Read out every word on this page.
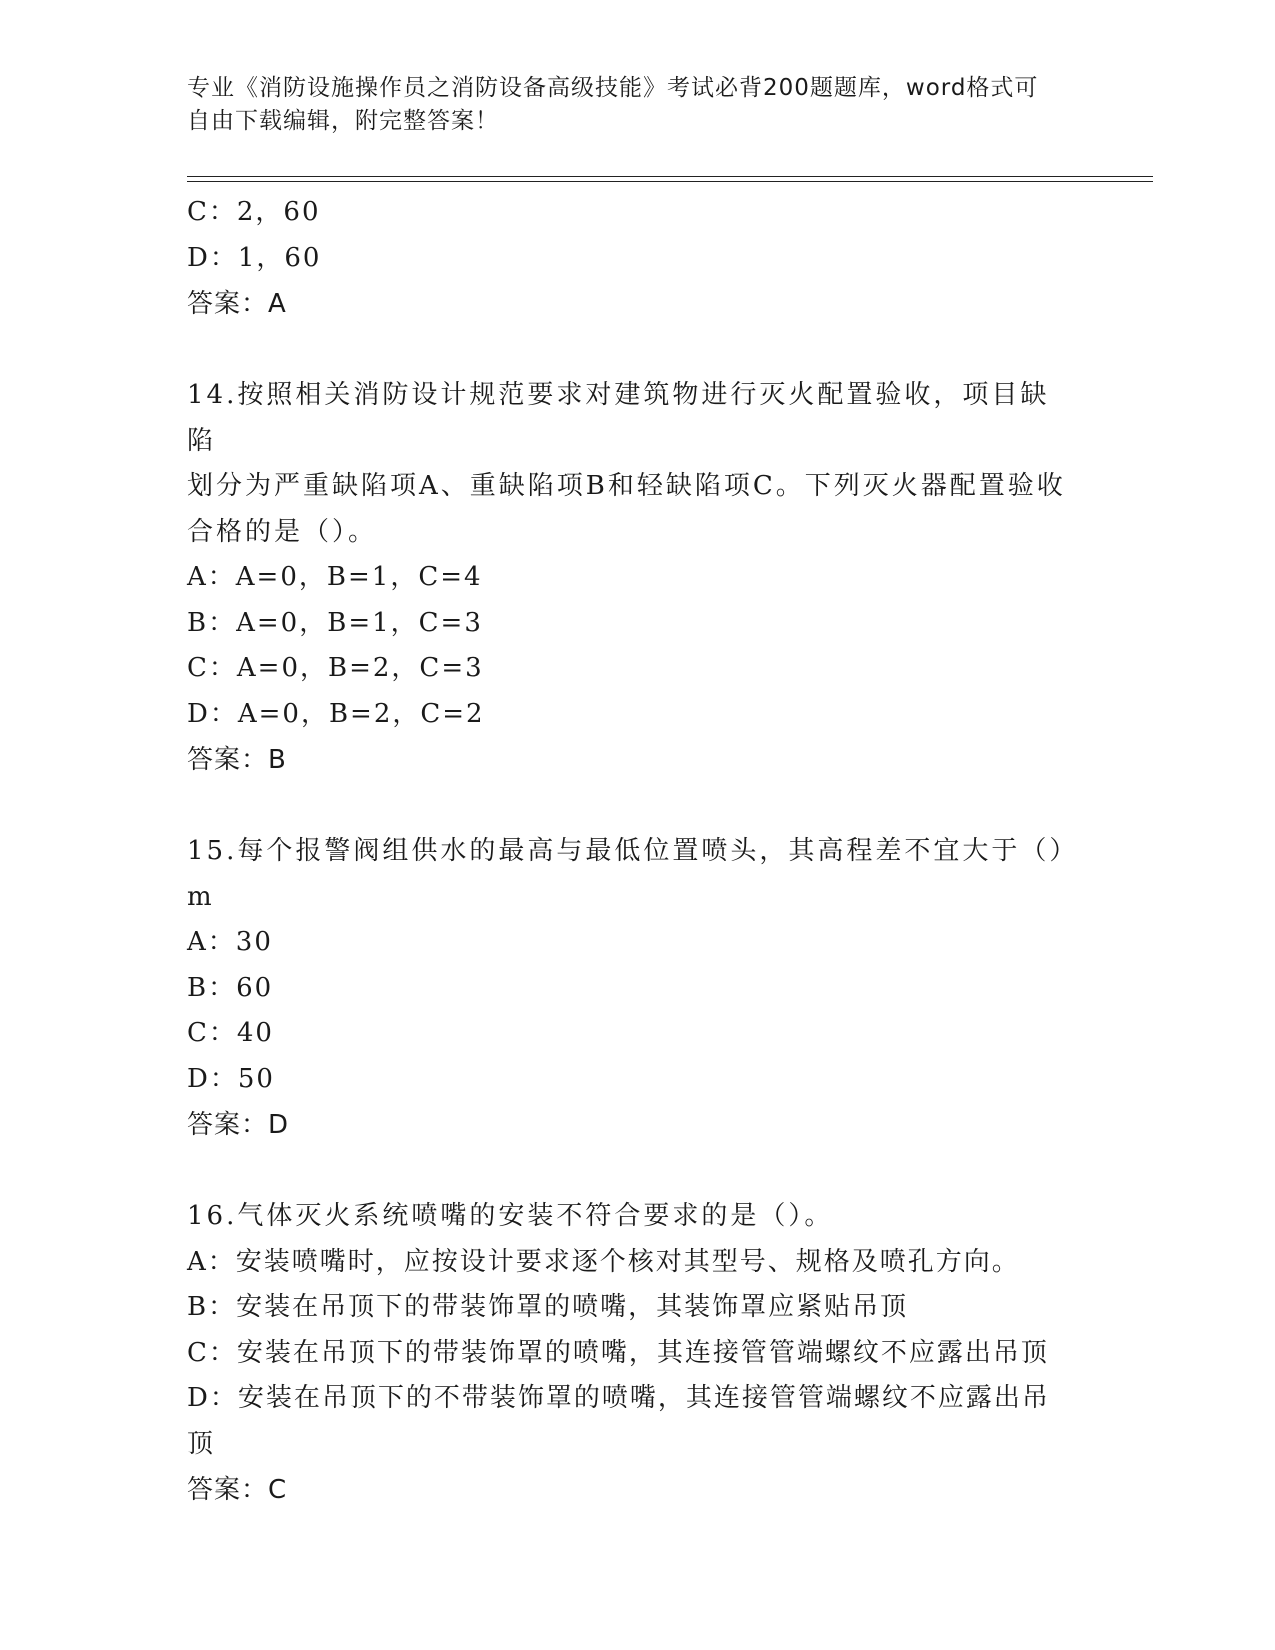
专业《消防设施操作员之消防设备高级技能》考试必背200题题库，word格式可
自由下载编辑，附完整答案！
C：2，60
D：1，60
答案：A
14.按照相关消防设计规范要求对建筑物进行灭火配置验收，项目缺陷
划分为严重缺陷项A、重缺陷项B和轻缺陷项C。下列灭火器配置验收
合格的是（）。
A：A=0，B=1，C=4
B：A=0，B=1，C=3
C：A=0，B=2，C=3
D：A=0，B=2，C=2
答案：B
15.每个报警阀组供水的最高与最低位置喷头，其高程差不宜大于（）
m
A：30
B：60
C：40
D：50
答案：D
16.气体灭火系统喷嘴的安装不符合要求的是（）。
A：安装喷嘴时，应按设计要求逐个核对其型号、规格及喷孔方向。
B：安装在吊顶下的带装饰罩的喷嘴，其装饰罩应紧贴吊顶
C：安装在吊顶下的带装饰罩的喷嘴，其连接管管端螺纹不应露出吊顶
D：安装在吊顶下的不带装饰罩的喷嘴，其连接管管端螺纹不应露出吊
顶
答案：C
